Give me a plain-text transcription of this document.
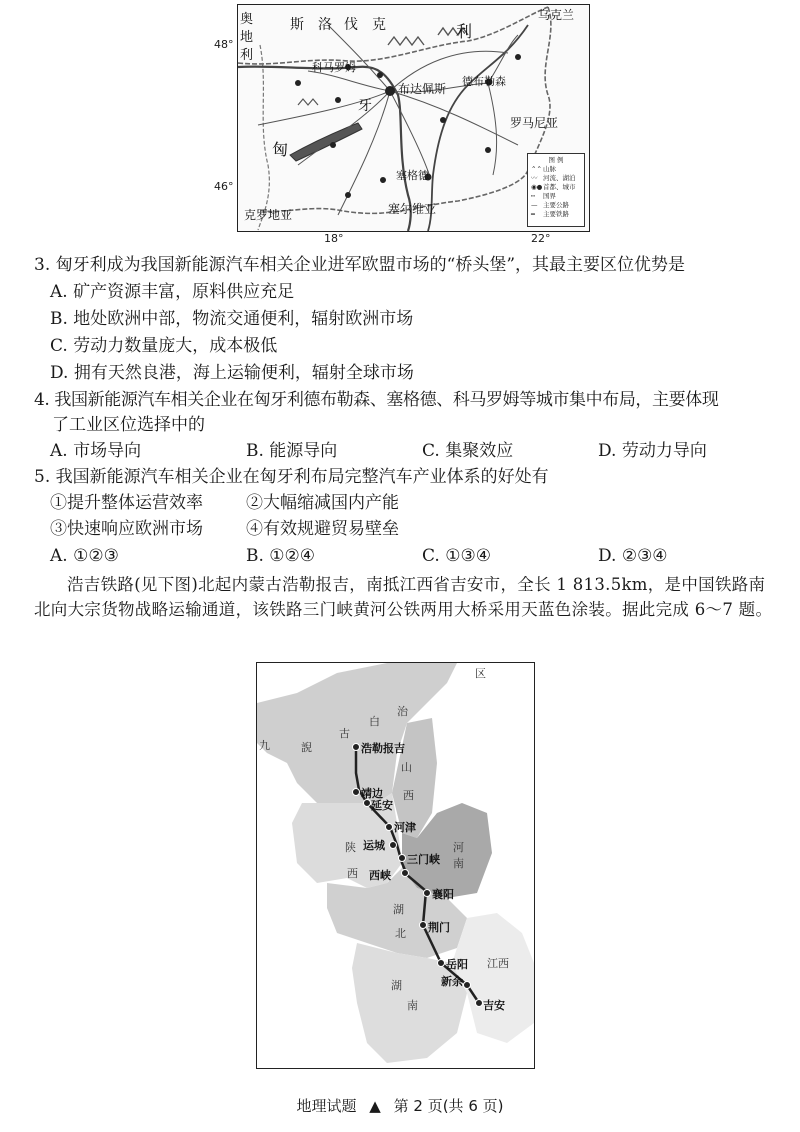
奥
地
利
斯 洛 伐 克	利
乌克兰
匈
牙
罗马尼亚
塞尔维亚
克罗地亚
科马罗姆
布达佩斯
德布勒森
塞格德
图 例
⌃⌃山脉
〰 河流、湖泊
◉●首都、城市
┅ 国界
— 主要公路
═ 主要铁路
48°
46°
18°	22°
3. 匈牙利成为我国新能源汽车相关企业进军欧盟市场的“桥头堡”，其最主要区位优势是
A. 矿产资源丰富，原料供应充足
B. 地处欧洲中部，物流交通便利，辐射欧洲市场
C. 劳动力数量庞大，成本极低
D. 拥有天然良港，海上运输便利，辐射全球市场
4. 我国新能源汽车相关企业在匈牙利德布勒森、塞格德、科马罗姆等城市集中布局，主要体现
了工业区位选择中的
A. 市场导向	B. 能源导向	C. 集聚效应	D. 劳动力导向
5. 我国新能源汽车相关企业在匈牙利布局完整汽车产业体系的好处有
①提升整体运营效率	②大幅缩减国内产能
③快速响应欧洲市场	④有效规避贸易壁垒
A. ①②③	B. ①②④	C. ①③④	D. ②③④
浩吉铁路(见下图)北起内蒙古浩勒报吉，南抵江西省吉安市，全长 1 813.5km，是中国铁路南北向大宗货物战略运输通道，该铁路三门峡黄河公铁两用大桥采用天蓝色涂装。据此完成 6～7 题。
区
治
古
白
山
西
陕
西
河
南
湖
北
江西
湖
南
誽
九	浩勒报吉
靖边
延安
河津
运城
三门峡
西峡
襄阳
荆门
岳阳
新余
吉安
地理试题 ▲ 第 2 页(共 6 页)
